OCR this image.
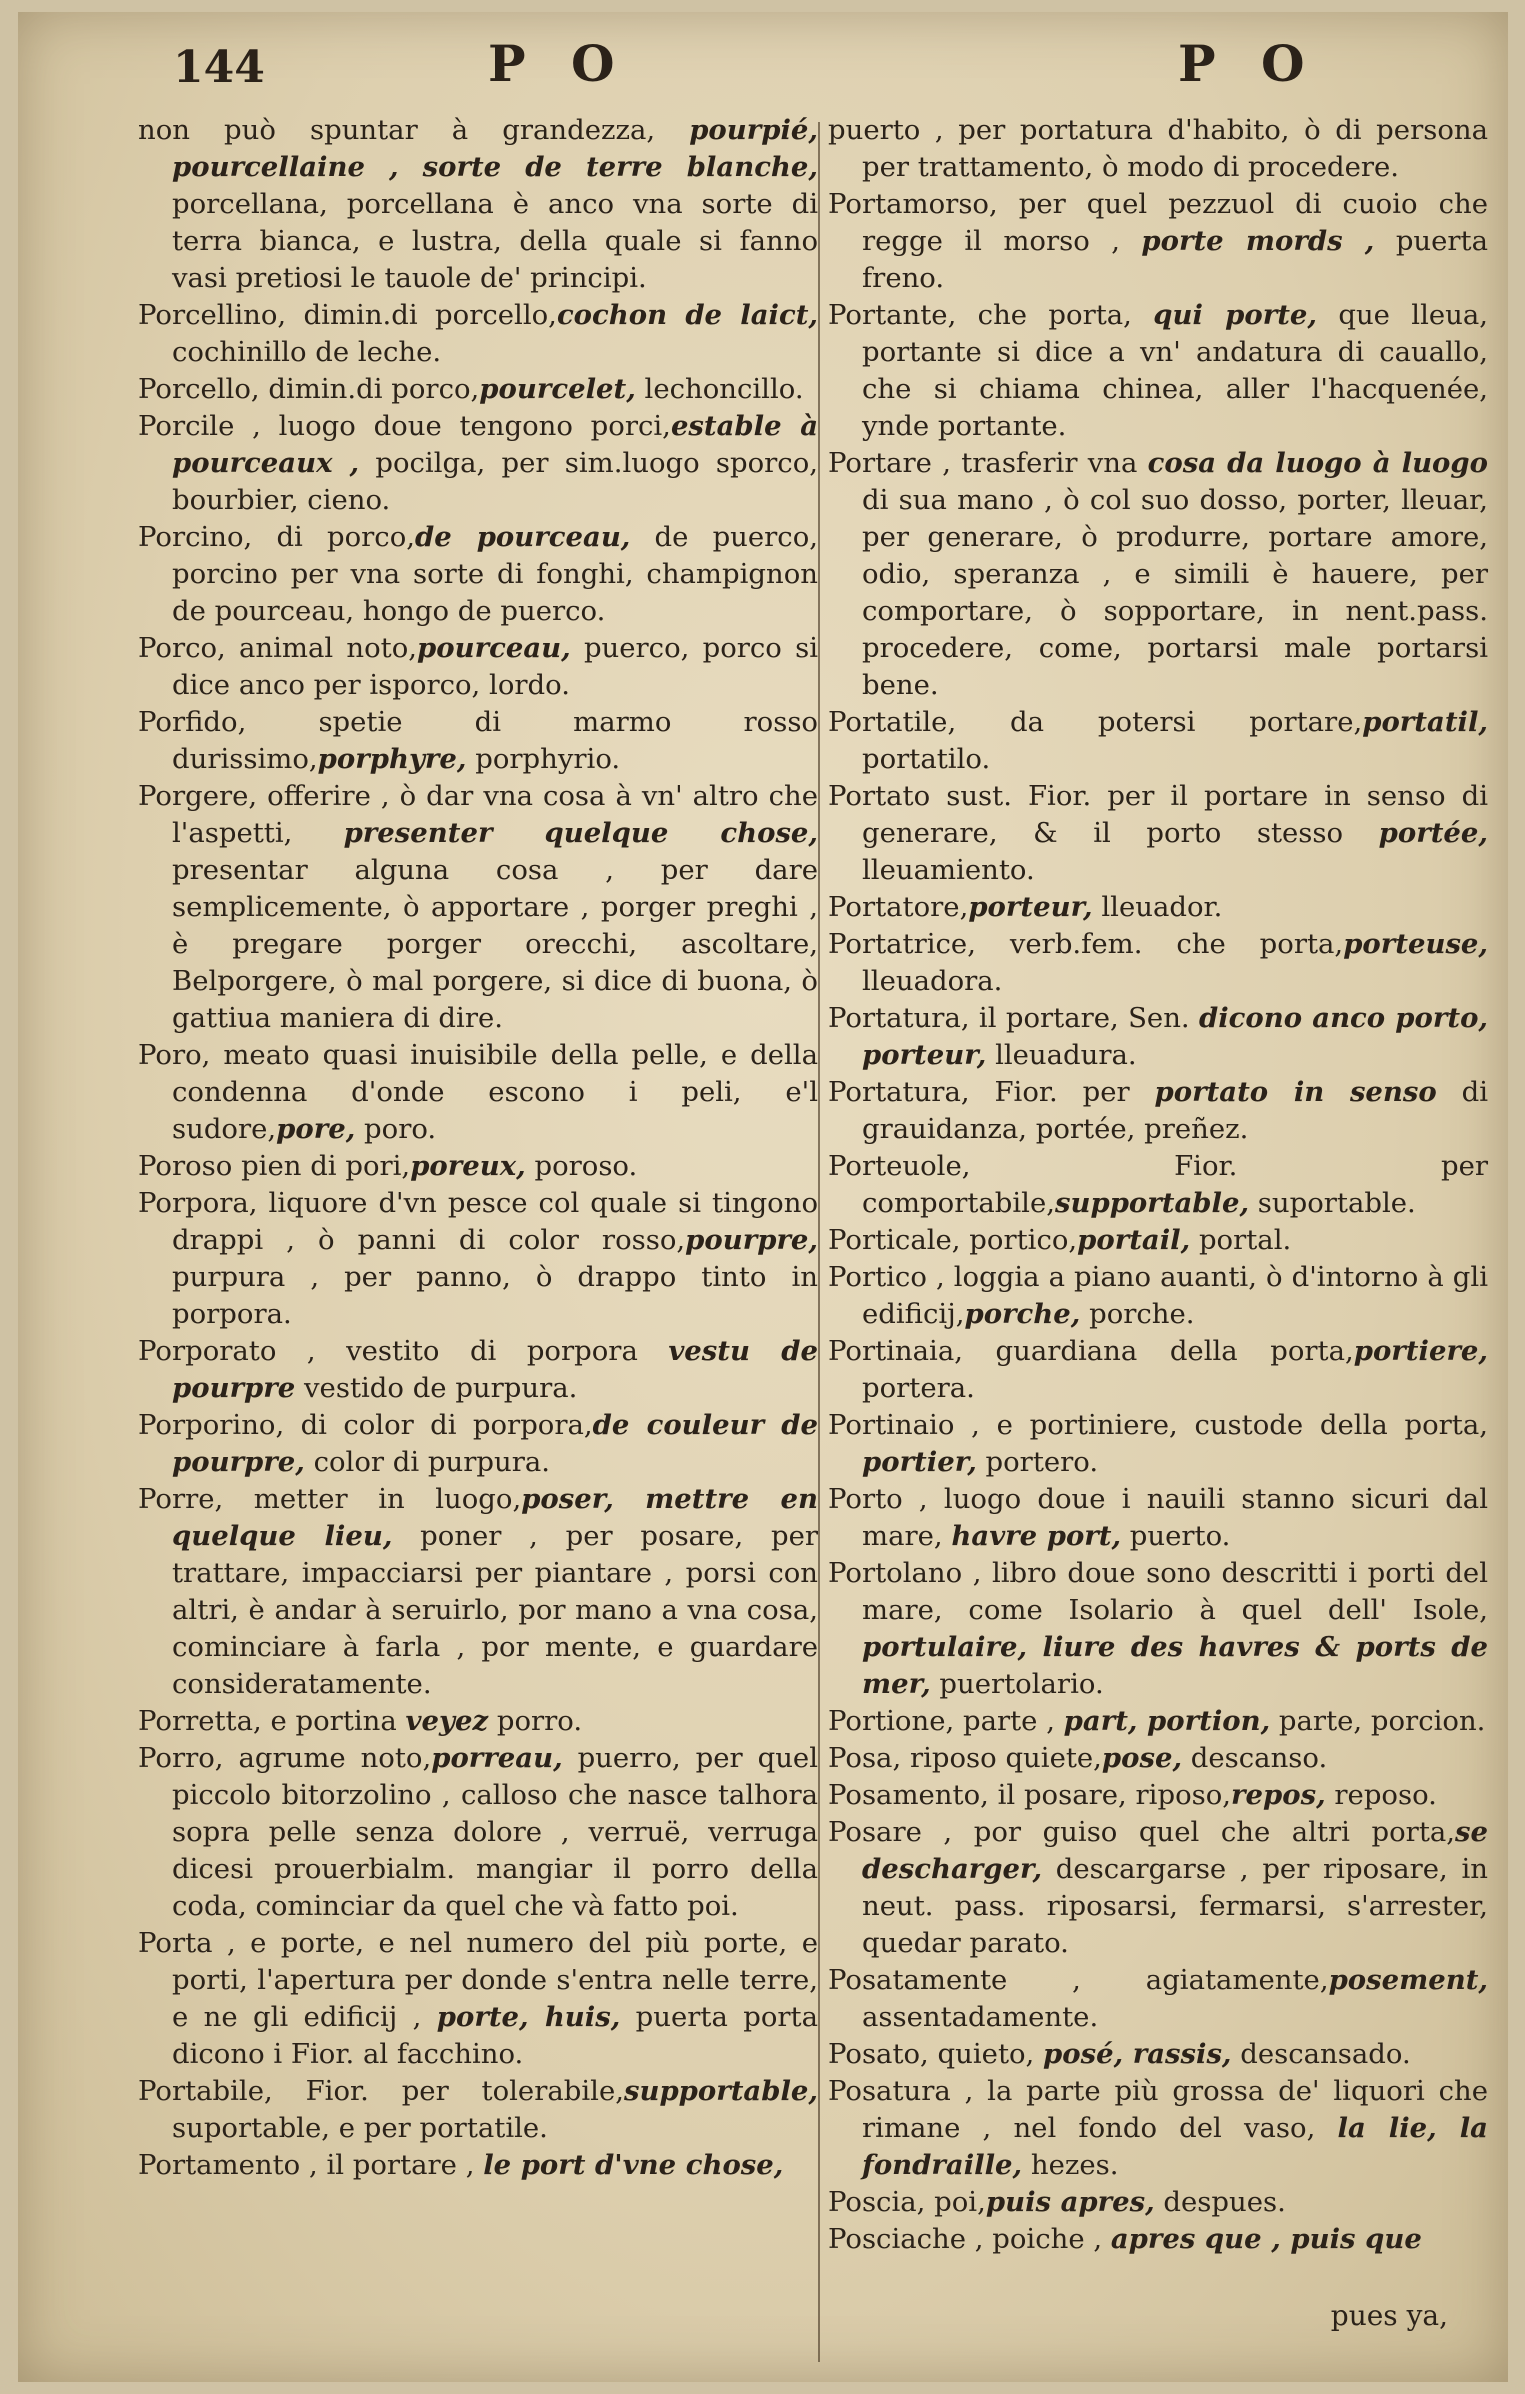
144	P O	P O

non può spuntar à grandezza, pourpié, pourcellaine , sorte de terre blanche, porcellana, porcellana è anco vna sorte di terra bianca, e lustra, della quale si fanno vasi pretiosi le tauole de' principi.

Porcellino, dimin.di porcello,cochon de laict, cochinillo de leche.

Porcello, dimin.di porco,pourcelet, lechoncillo.

Porcile , luogo doue tengono porci,estable à pourceaux , pocilga, per sim.luogo sporco, bourbier, cieno.

Porcino, di porco,de pourceau, de puerco, porcino per vna sorte di fonghi, champignon de pourceau, hongo de puerco.

Porco, animal noto,pourceau, puerco, porco si dice anco per isporco, lordo.

Porfido, spetie di marmo rosso durissimo,porphyre, porphyrio.

Porgere, offerire , ò dar vna cosa à vn' altro che l'aspetti, presenter quelque chose, presentar alguna cosa , per dare semplicemente, ò apportare , porger preghi , è pregare porger orecchi, ascoltare, Belporgere, ò mal porgere, si dice di buona, ò gattiua maniera di dire.

Poro, meato quasi inuisibile della pelle, e della condenna d'onde escono i peli, e'l sudore,pore, poro.

Poroso pien di pori,poreux, poroso.

Porpora, liquore d'vn pesce col quale si tingono drappi , ò panni di color rosso,pourpre, purpura , per panno, ò drappo tinto in porpora.

Porporato , vestito di porpora vestu de pourpre vestido de purpura.

Porporino, di color di porpora,de couleur de pourpre, color di purpura.

Porre, metter in luogo,poser, mettre en quelque lieu, poner , per posare, per trattare, impacciarsi per piantare , porsi con altri, è andar à seruirlo, por mano a vna cosa, cominciare à farla , por mente, e guardare consideratamente.

Porretta, e portina veyez porro.

Porro, agrume noto,porreau, puerro, per quel piccolo bitorzolino , calloso che nasce talhora sopra pelle senza dolore , verruë, verruga dicesi prouerbialm. mangiar il porro della coda, cominciar da quel che và fatto poi.

Porta , e porte, e nel numero del più porte, e porti, l'apertura per donde s'entra nelle terre, e ne gli edificij , porte, huis, puerta porta dicono i Fior. al facchino.

Portabile, Fior. per tolerabile,supportable, suportable, e per portatile.

Portamento , il portare , le port d'vne chose,

puerto , per portatura d'habito, ò di persona per trattamento, ò modo di procedere.

Portamorso, per quel pezzuol di cuoio che regge il morso , porte mords , puerta freno.

Portante, che porta, qui porte, que lleua, portante si dice a vn' andatura di cauallo, che si chiama chinea, aller l'hacquenée, ynde portante.

Portare , trasferir vna cosa da luogo à luogo di sua mano , ò col suo dosso, porter, lleuar, per generare, ò produrre, portare amore, odio, speranza , e simili è hauere, per comportare, ò sopportare, in nent.pass. procedere, come, portarsi male portarsi bene.

Portatile, da potersi portare,portatil, portatilo.

Portato sust. Fior. per il portare in senso di generare, & il porto stesso portée, lleuamiento.

Portatore,porteur, lleuador.

Portatrice, verb.fem. che porta,porteuse, lleuadora.

Portatura, il portare, Sen. dicono anco porto, porteur, lleuadura.

Portatura, Fior. per portato in senso di grauidanza, portée, preñez.

Porteuole, Fior. per comportabile,supportable, suportable.

Porticale, portico,portail, portal.

Portico , loggia a piano auanti, ò d'intorno à gli edificij,porche, porche.

Portinaia, guardiana della porta,portiere, portera.

Portinaio , e portiniere, custode della porta, portier, portero.

Porto , luogo doue i nauili stanno sicuri dal mare, havre port, puerto.

Portolano , libro doue sono descritti i porti del mare, come Isolario à quel dell' Isole, portulaire, liure des havres & ports de mer, puertolario.

Portione, parte , part, portion, parte, porcion.

Posa, riposo quiete,pose, descanso.

Posamento, il posare, riposo,repos, reposo.

Posare , por guiso quel che altri porta,se descharger, descargarse , per riposare, in neut. pass. riposarsi, fermarsi, s'arrester, quedar parato.

Posatamente , agiatamente,posement, assentadamente.

Posato, quieto, posé, rassis, descansado.

Posatura , la parte più grossa de' liquori che rimane , nel fondo del vaso, la lie, la fondraille, hezes.

Poscia, poi,puis apres, despues.

Posciache , poiche , apres que , puis que

pues ya,
